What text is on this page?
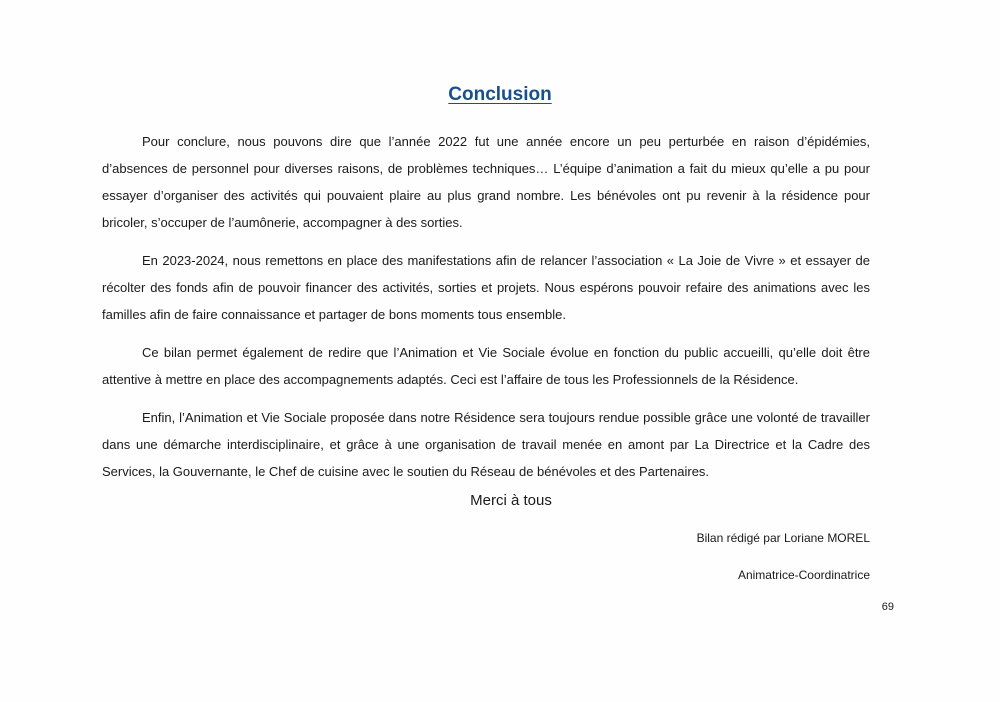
Conclusion

Pour conclure, nous pouvons dire que l’année 2022 fut une année encore un peu perturbée en raison d’épidémies, d’absences de personnel pour diverses raisons, de problèmes techniques… L’équipe d’animation a fait du mieux qu’elle a pu pour essayer d’organiser des activités qui pouvaient plaire au plus grand nombre. Les bénévoles ont pu revenir à la résidence pour bricoler, s’occuper de l’aumônerie, accompagner à des sorties.

En 2023-2024, nous remettons en place des manifestations afin de relancer l’association « La Joie de Vivre » et essayer de récolter des fonds afin de pouvoir financer des activités, sorties et projets. Nous espérons pouvoir refaire des animations avec les familles afin de faire connaissance et partager de bons moments tous ensemble.

Ce bilan permet également de redire que l’Animation et Vie Sociale évolue en fonction du public accueilli, qu’elle doit être attentive à mettre en place des accompagnements adaptés. Ceci est l’affaire de tous les Professionnels de la Résidence.

Enfin, l’Animation et Vie Sociale proposée dans notre Résidence sera toujours rendue possible grâce une volonté de travailler dans une démarche interdisciplinaire, et grâce à une organisation de travail menée en amont par La Directrice et la Cadre des Services, la Gouvernante, le Chef de cuisine avec le soutien du Réseau de bénévoles et des Partenaires.

Merci à tous
Bilan rédigé par Loriane MOREL
Animatrice-Coordinatrice
69
